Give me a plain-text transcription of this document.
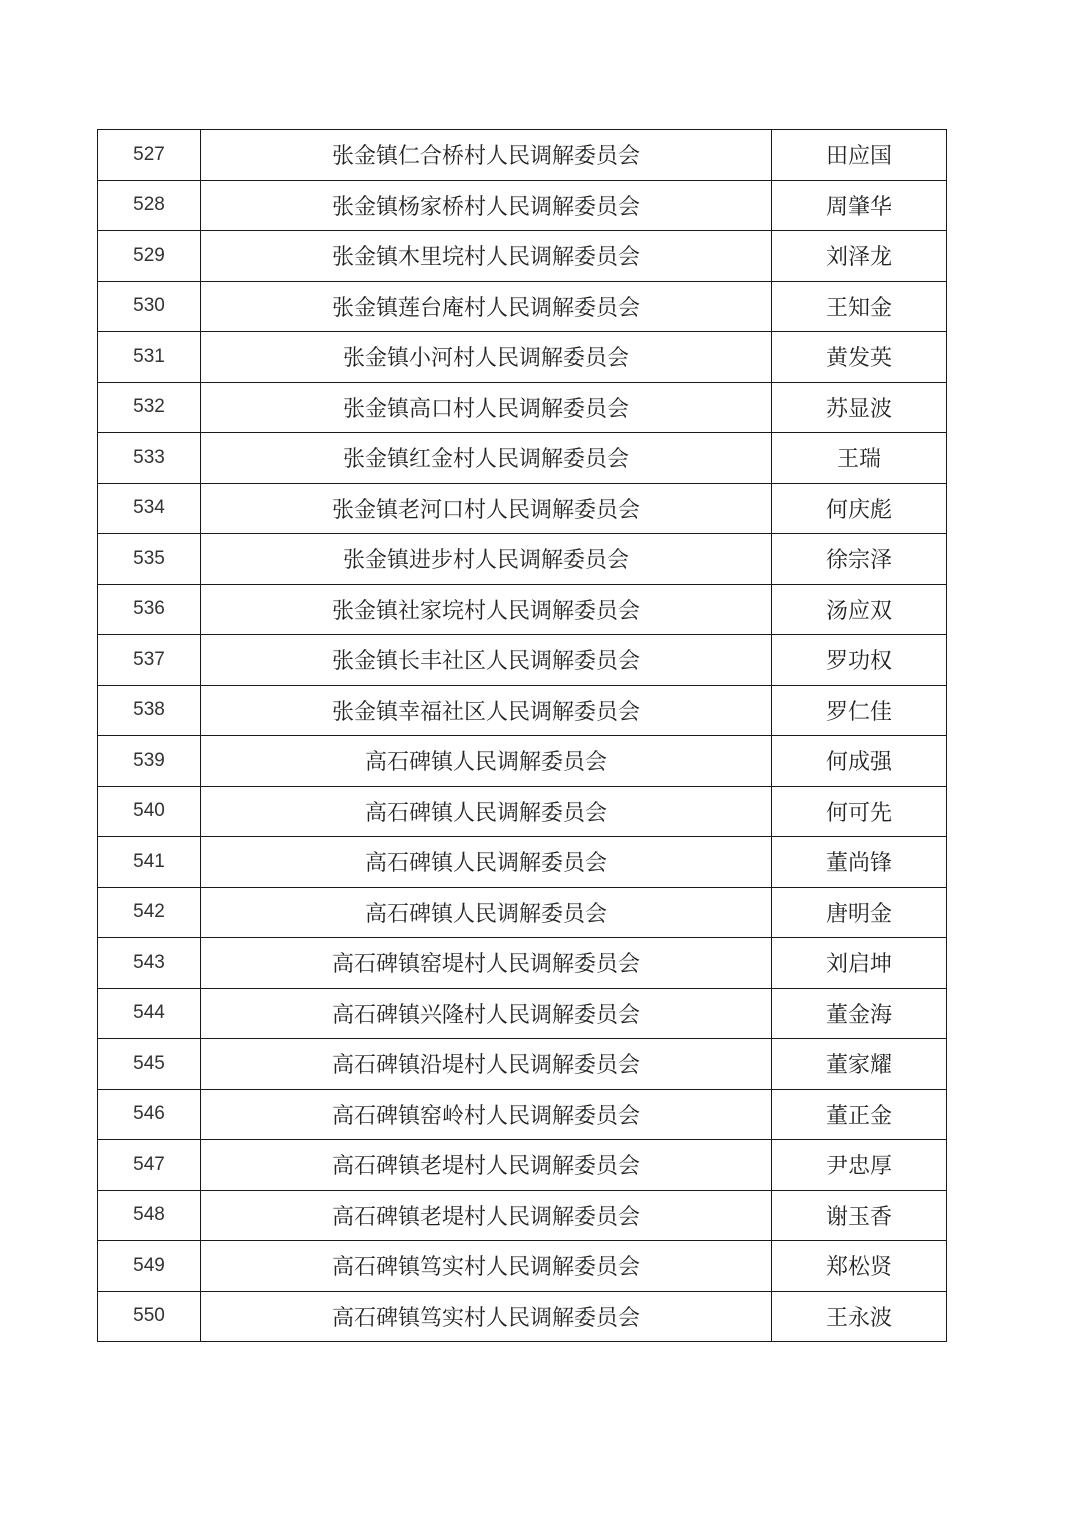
527	张金镇仁合桥村人民调解委员会	田应国
528	张金镇杨家桥村人民调解委员会	周肇华
529	张金镇木里垸村人民调解委员会	刘泽龙
530	张金镇莲台庵村人民调解委员会	王知金
531	张金镇小河村人民调解委员会	黄发英
532	张金镇高口村人民调解委员会	苏显波
533	张金镇红金村人民调解委员会	王瑞
534	张金镇老河口村人民调解委员会	何庆彪
535	张金镇进步村人民调解委员会	徐宗泽
536	张金镇社家垸村人民调解委员会	汤应双
537	张金镇长丰社区人民调解委员会	罗功权
538	张金镇幸福社区人民调解委员会	罗仁佳
539	高石碑镇人民调解委员会	何成强
540	高石碑镇人民调解委员会	何可先
541	高石碑镇人民调解委员会	董尚锋
542	高石碑镇人民调解委员会	唐明金
543	高石碑镇窑堤村人民调解委员会	刘启坤
544	高石碑镇兴隆村人民调解委员会	董金海
545	高石碑镇沿堤村人民调解委员会	董家耀
546	高石碑镇窑岭村人民调解委员会	董正金
547	高石碑镇老堤村人民调解委员会	尹忠厚
548	高石碑镇老堤村人民调解委员会	谢玉香
549	高石碑镇笃实村人民调解委员会	郑松贤
550	高石碑镇笃实村人民调解委员会	王永波
